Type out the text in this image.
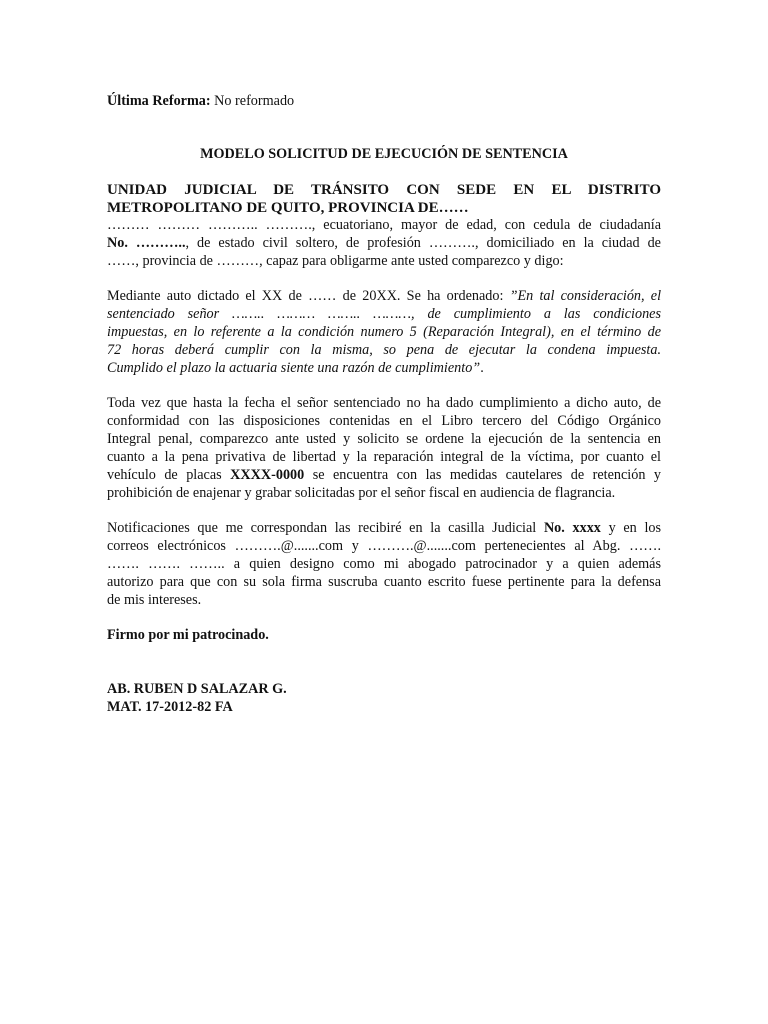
Última Reforma: No reformado
MODELO SOLICITUD DE EJECUCIÓN DE SENTENCIA
UNIDAD JUDICIAL DE TRÁNSITO CON SEDE EN EL DISTRITO
METROPOLITANO DE QUITO, PROVINCIA DE……
……… ……… ……….. ………., ecuatoriano, mayor de edad, con cedula de ciudadanía
No. ……….., de estado civil soltero, de profesión ………., domiciliado en la ciudad de
……, provincia de ………, capaz para obligarme ante usted comparezco y digo:
Mediante auto dictado el XX de …… de 20XX. Se ha ordenado: ”En tal consideración, el
sentenciado señor …….. ……… …….. ………, de cumplimiento a las condiciones
impuestas, en lo referente a la condición numero 5 (Reparación Integral), en el término de
72 horas deberá cumplir con la misma, so pena de ejecutar la condena impuesta.
Cumplido el plazo la actuaria siente una razón de cumplimiento”.
Toda vez que hasta la fecha el señor sentenciado no ha dado cumplimiento a dicho auto, de
conformidad con las disposiciones contenidas en el Libro tercero del Código Orgánico
Integral penal, comparezco ante usted y solicito se ordene la ejecución de la sentencia en
cuanto a la pena privativa de libertad y la reparación integral de la víctima, por cuanto el
vehículo de placas XXXX-0000 se encuentra con las medidas cautelares de retención y
prohibición de enajenar y grabar solicitadas por el señor fiscal en audiencia de flagrancia.
Notificaciones que me correspondan las recibiré en la casilla Judicial No. xxxx y en los
correos electrónicos ……….@.......com y ……….@.......com pertenecientes al Abg. …….
……. ……. …….. a quien designo como mi abogado patrocinador y a quien además
autorizo para que con su sola firma suscruba cuanto escrito fuese pertinente para la defensa
de mis intereses.
Firmo por mi patrocinado.
AB. RUBEN D SALAZAR G.
MAT. 17-2012-82 FA
